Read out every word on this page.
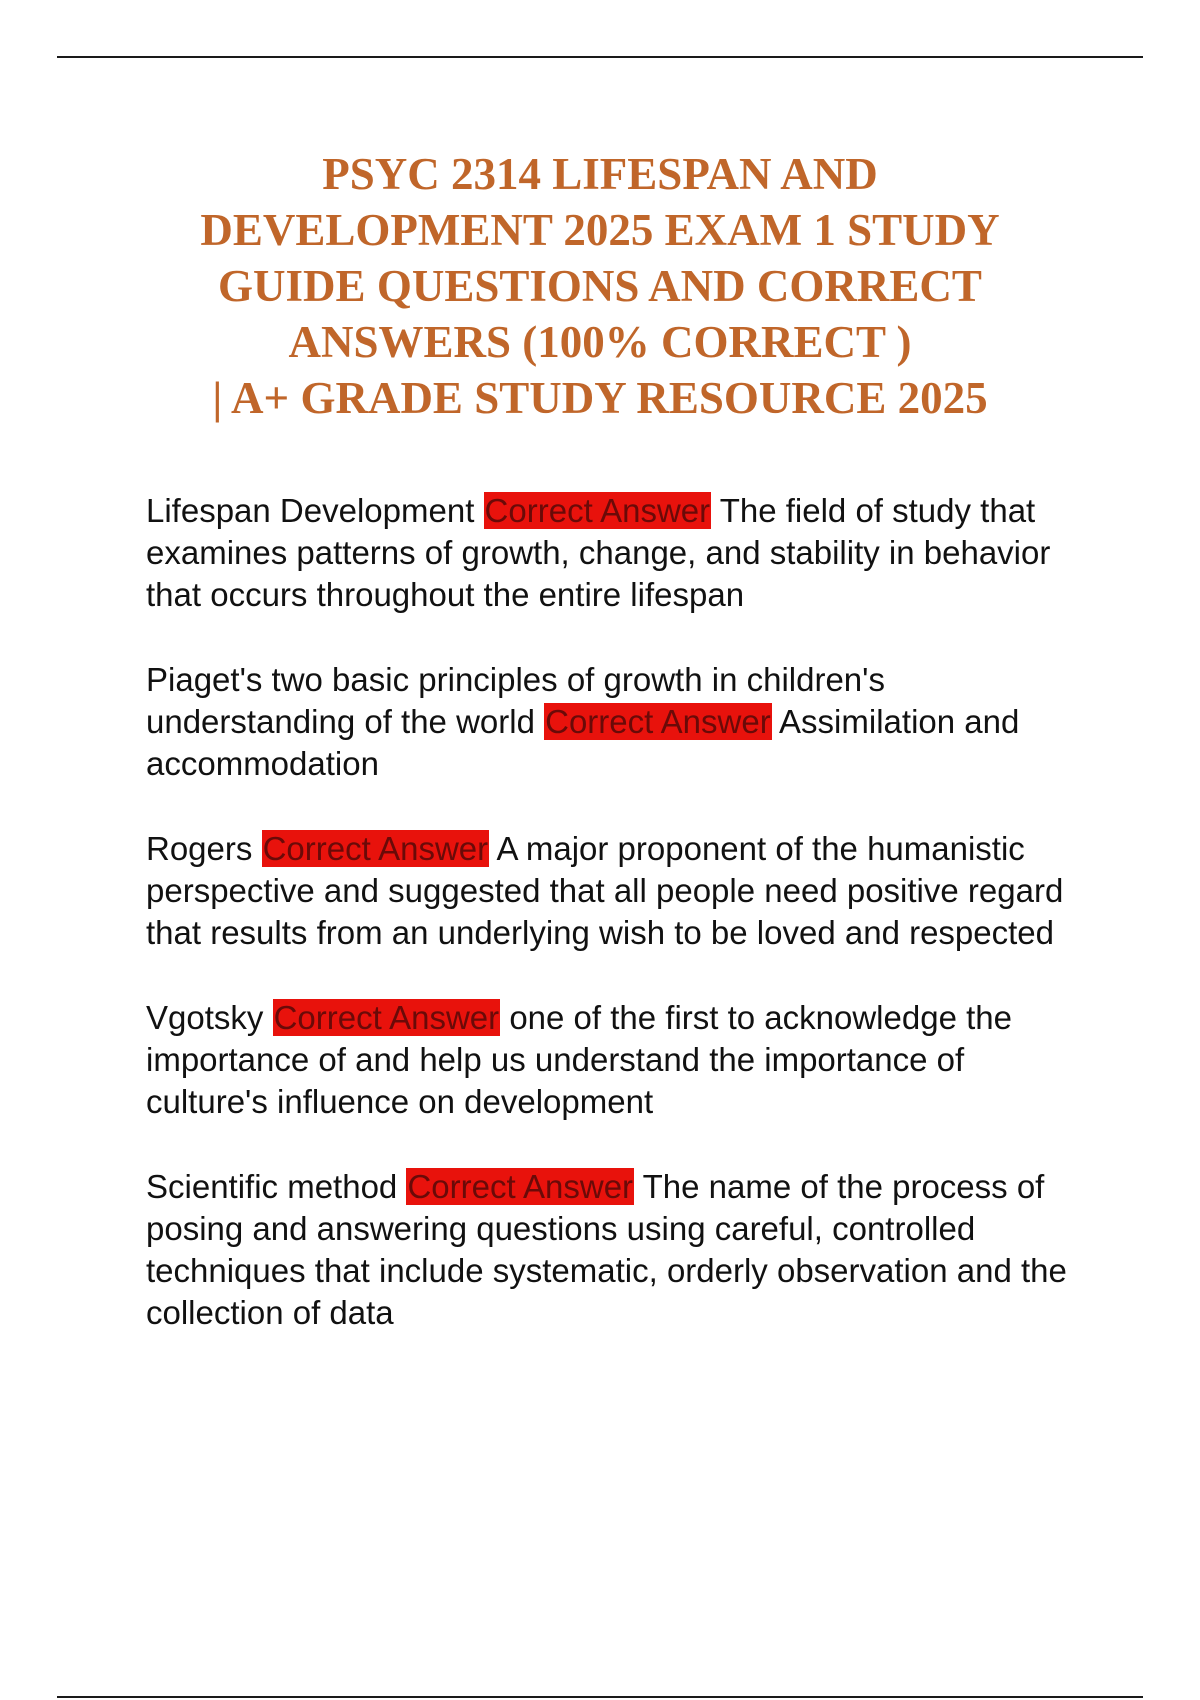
PSYC 2314 LIFESPAN AND
DEVELOPMENT 2025 EXAM 1 STUDY
GUIDE QUESTIONS AND CORRECT
ANSWERS (100% CORRECT )
| A+ GRADE STUDY RESOURCE 2025
Lifespan Development Correct Answer The field of study that examines patterns of growth, change, and stability in behavior that occurs throughout the entire lifespan
Piaget's two basic principles of growth in children's understanding of the world Correct Answer Assimilation and accommodation
Rogers Correct Answer A major proponent of the humanistic perspective and suggested that all people need positive regard that results from an underlying wish to be loved and respected
Vgotsky Correct Answer one of the first to acknowledge the importance of and help us understand the importance of culture's influence on development
Scientific method Correct Answer The name of the process of posing and answering questions using careful, controlled techniques that include systematic, orderly observation and the collection of data
